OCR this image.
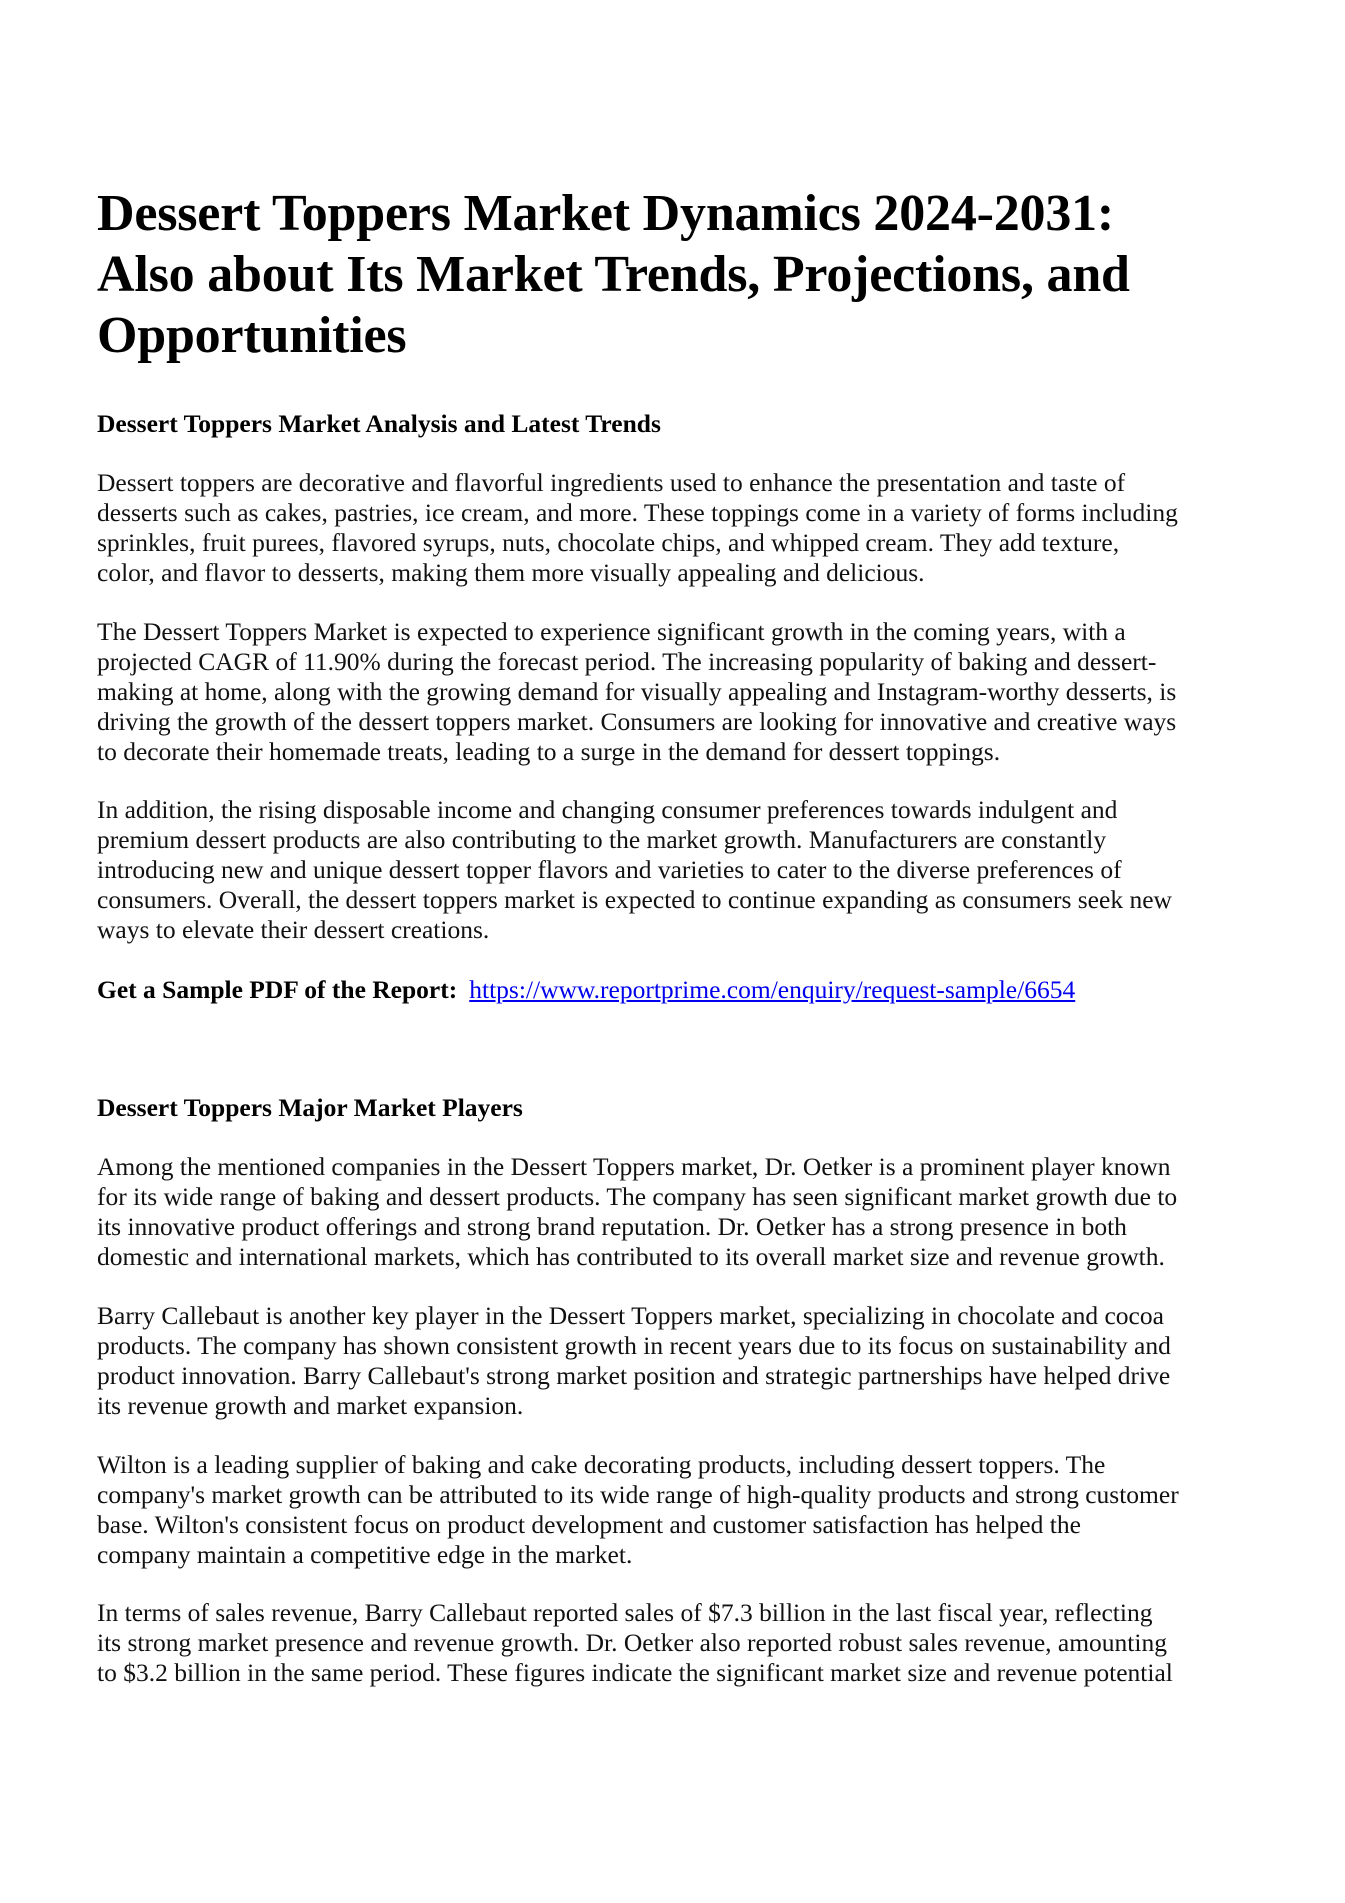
Dessert Toppers Market Dynamics 2024-2031:
Also about Its Market Trends, Projections, and
Opportunities
Dessert Toppers Market Analysis and Latest Trends

Dessert toppers are decorative and flavorful ingredients used to enhance the presentation and taste of
desserts such as cakes, pastries, ice cream, and more. These toppings come in a variety of forms including
sprinkles, fruit purees, flavored syrups, nuts, chocolate chips, and whipped cream. They add texture,
color, and flavor to desserts, making them more visually appealing and delicious.

The Dessert Toppers Market is expected to experience significant growth in the coming years, with a
projected CAGR of 11.90% during the forecast period. The increasing popularity of baking and dessert-
making at home, along with the growing demand for visually appealing and Instagram-worthy desserts, is
driving the growth of the dessert toppers market. Consumers are looking for innovative and creative ways
to decorate their homemade treats, leading to a surge in the demand for dessert toppings.

In addition, the rising disposable income and changing consumer preferences towards indulgent and
premium dessert products are also contributing to the market growth. Manufacturers are constantly
introducing new and unique dessert topper flavors and varieties to cater to the diverse preferences of
consumers. Overall, the dessert toppers market is expected to continue expanding as consumers seek new
ways to elevate their dessert creations.

Get a Sample PDF of the Report: https://www.reportprime.com/enquiry/request-sample/6654
Dessert Toppers Major Market Players

Among the mentioned companies in the Dessert Toppers market, Dr. Oetker is a prominent player known
for its wide range of baking and dessert products. The company has seen significant market growth due to
its innovative product offerings and strong brand reputation. Dr. Oetker has a strong presence in both
domestic and international markets, which has contributed to its overall market size and revenue growth.

Barry Callebaut is another key player in the Dessert Toppers market, specializing in chocolate and cocoa
products. The company has shown consistent growth in recent years due to its focus on sustainability and
product innovation. Barry Callebaut's strong market position and strategic partnerships have helped drive
its revenue growth and market expansion.

Wilton is a leading supplier of baking and cake decorating products, including dessert toppers. The
company's market growth can be attributed to its wide range of high-quality products and strong customer
base. Wilton's consistent focus on product development and customer satisfaction has helped the
company maintain a competitive edge in the market.

In terms of sales revenue, Barry Callebaut reported sales of $7.3 billion in the last fiscal year, reflecting
its strong market presence and revenue growth. Dr. Oetker also reported robust sales revenue, amounting
to $3.2 billion in the same period. These figures indicate the significant market size and revenue potential
